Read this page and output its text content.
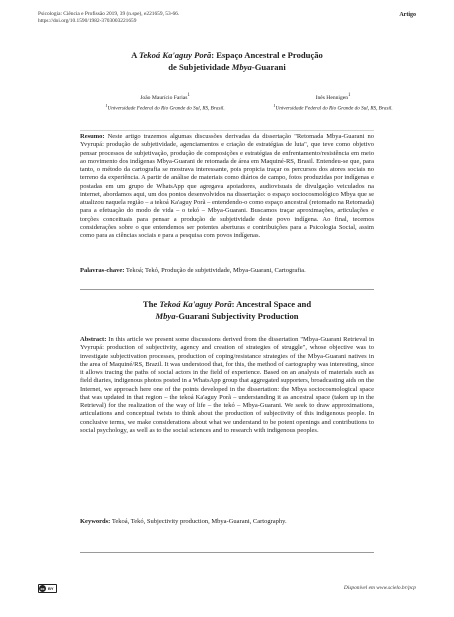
Psicologia: Ciência e Profissão 2019, 39 (n.spe), e221659, 53-66.
https://doi.org/10.1590/1982-3703003221659
Artigo
A Tekoá Ka'aguy Porã: Espaço Ancestral e Produção
de Subjetividade Mbya-Guarani
João Maurício Farias$^1$
$^1$Universidade Federal do Rio Grande do Sul, RS, Brasil.
Inês Hennigen$^1$
$^1$Universidade Federal do Rio Grande do Sul, RS, Brasil.
Resumo: Neste artigo trazemos algumas discussões derivadas da dissertação "Retomada Mbya-Guarani no Yvyrupá: produção de subjetividade, agenciamentos e criação de estratégias de luta", que teve como objetivo pensar processos de subjetivação, produção de composições e estratégias de enfrentamento/resistência em meio ao movimento dos indígenas Mbya-Guarani de retomada de área em Maquiné-RS, Brasil. Entendeu-se que, para tanto, o método da cartografia se mostrava interessante, pois propicia traçar os percursos dos atores sociais no terreno da experiência. A partir de análise de materiais como diários de campo, fotos produzidas por indígenas e postadas em um grupo de WhatsApp que agregava apoiadores, audiovisuais de divulgação veiculados na internet, abordamos aqui, um dos pontos desenvolvidos na dissertação: o espaço sociocosmológico Mbya que se atualizou naquela região – a tekoá Ka'aguy Porã – entendendo-o como espaço ancestral (retomado na Retomada) para a efetuação do modo de vida – o tekó – Mbya-Guarani. Buscamos traçar aproximações, articulações e torções conceituais para pensar a produção de subjetividade deste povo indígena. Ao final, tecemos considerações sobre o que entendemos ser potentes aberturas e contribuições para a Psicologia Social, assim como para as ciências sociais e para a pesquisa com povos indígenas.
Palavras-chave: Tekoá; Tekó, Produção de subjetividade, Mbya-Guarani, Cartografia.
The Tekoá Ka'aguy Porã: Ancestral Space and
Mbya-Guarani Subjectivity Production
Abstract: In this article we present some discussions derived from the dissertation "Mbya-Guarani Retrieval in Yvyrupá: production of subjectivity, agency and creation of strategies of struggle", whose objective was to investigate subjectivation processes, production of coping/resistance strategies of the Mbya-Guarani natives in the area of Maquiné/RS, Brazil. It was understood that, for this, the method of cartography was interesting, since it allows tracing the paths of social actors in the field of experience. Based on an analysis of materials such as field diaries, indigenous photos posted in a WhatsApp group that aggregated supporters, broadcasting aids on the Internet, we approach here one of the points developed in the dissertation: the Mbya sociocosmological space that was updated in that region – the tekoá Ka'aguy Porã – understanding it as ancestral space (taken up in the Retrieval) for the realization of the way of life – the tekó – Mbya-Guarani. We seek to draw approximations, articulations and conceptual twists to think about the production of subjectivity of this indigenous people. In conclusive terms, we make considerations about what we understand to be potent openings and contributions to social psychology, as well as to the social sciences and to research with indigenous peoples.
Keywords: Tekoá, Tekó, Subjectivity production, Mbya-Guarani, Cartography.
cc BY	Disponível em www.scielo.br/pcp
